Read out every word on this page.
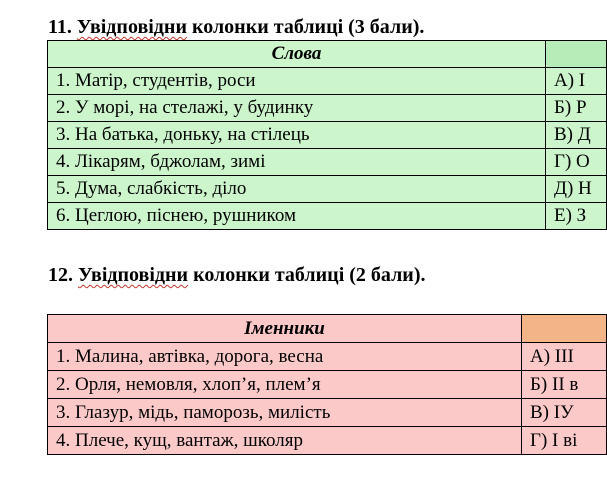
11. Увідповідни колонки таблиці (3 бали).
Слова	
1. Матір, студентів, роси	А) І
2. У морі, на стелажі, у будинку	Б) Р
3. На батька, доньку, на стілець	В) Д
4. Лікарям, бджолам, зимі	Г) О
5. Дума, слабкість, діло	Д) Н
6. Цеглою, піснею, рушником	Е) З
12. Увідповідни колонки таблиці (2 бали).
Іменники	
1. Малина, автівка, дорога, весна	А) ІІІ
2. Орля, немовля, хлоп’я, плем’я	Б) ІІ в
3. Глазур, мідь, паморозь, милість	В) ІУ
4. Плече, кущ, вантаж, школяр	Г) І ві
